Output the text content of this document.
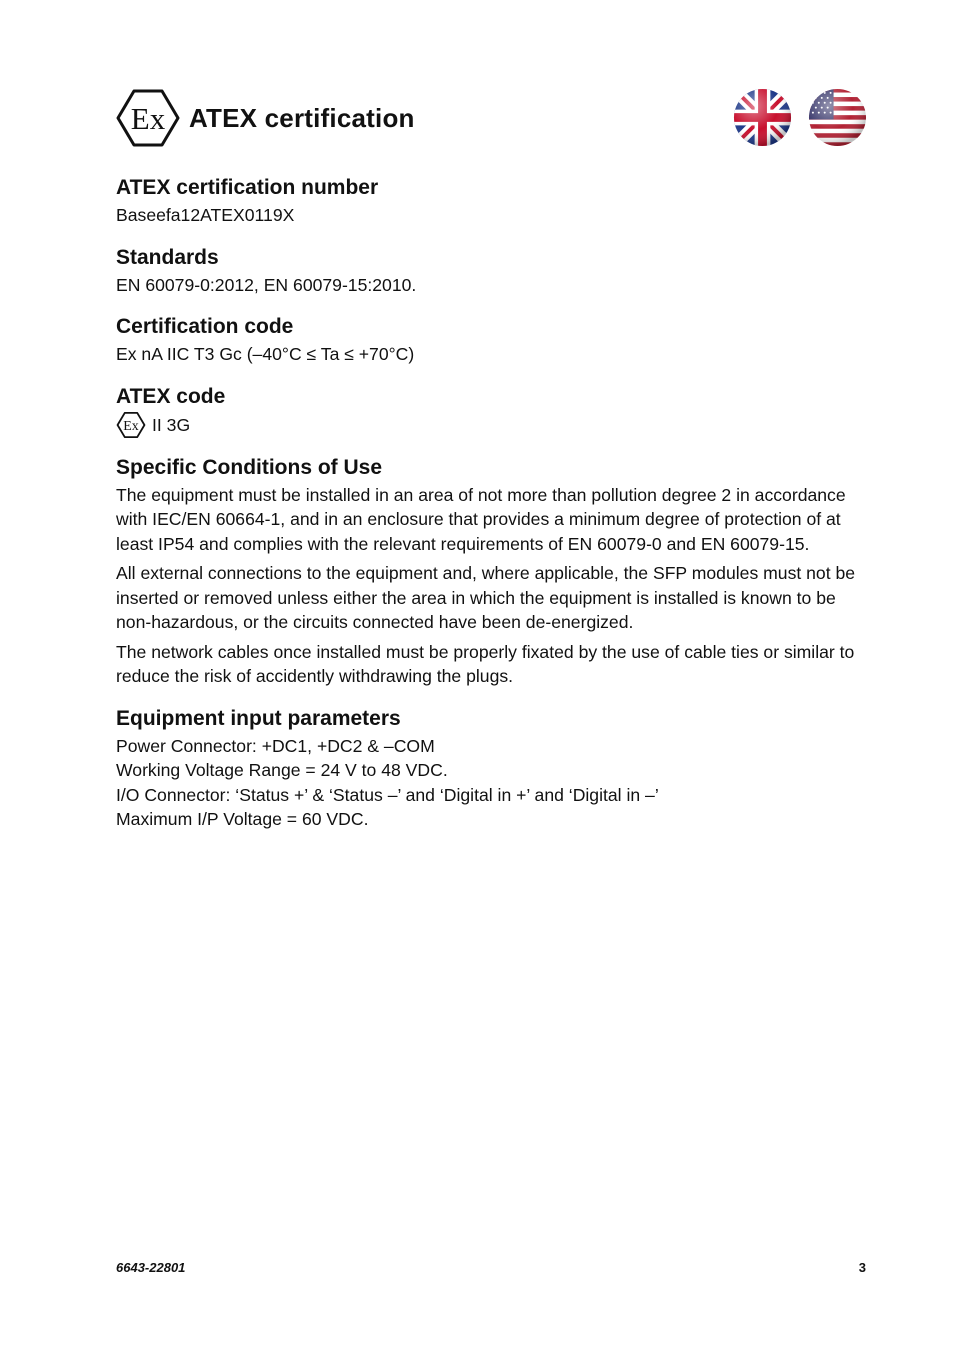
Ex ATEX certification
ATEX certification number

Baseefa12ATEX0119X

Standards

EN 60079-0:2012, EN 60079-15:2010.

Certification code

Ex nA IIC T3 Gc (–40°C ≤ Ta ≤ +70°C)

ATEX code
Ex II 3G
Specific Conditions of Use

The equipment must be installed in an area of not more than pollution degree 2 in accordance with IEC/EN 60664-1, and in an enclosure that provides a minimum degree of protection of at least IP54 and complies with the relevant requirements of EN 60079-0 and EN 60079-15.

All external connections to the equipment and, where applicable, the SFP modules must not be inserted or removed unless either the area in which the equipment is installed is known to be non-hazardous, or the circuits connected have been de-energized.

The network cables once installed must be properly fixated by the use of cable ties or similar to reduce the risk of accidently withdrawing the plugs.

Equipment input parameters
Power Connector: +DC1, +DC2 & –COM
Working Voltage Range = 24 V to 48 VDC.
I/O Connector: ‘Status +’ & ‘Status –’ and ‘Digital in +’ and ‘Digital in –’
Maximum I/P Voltage = 60 VDC.
6643-22801	3
